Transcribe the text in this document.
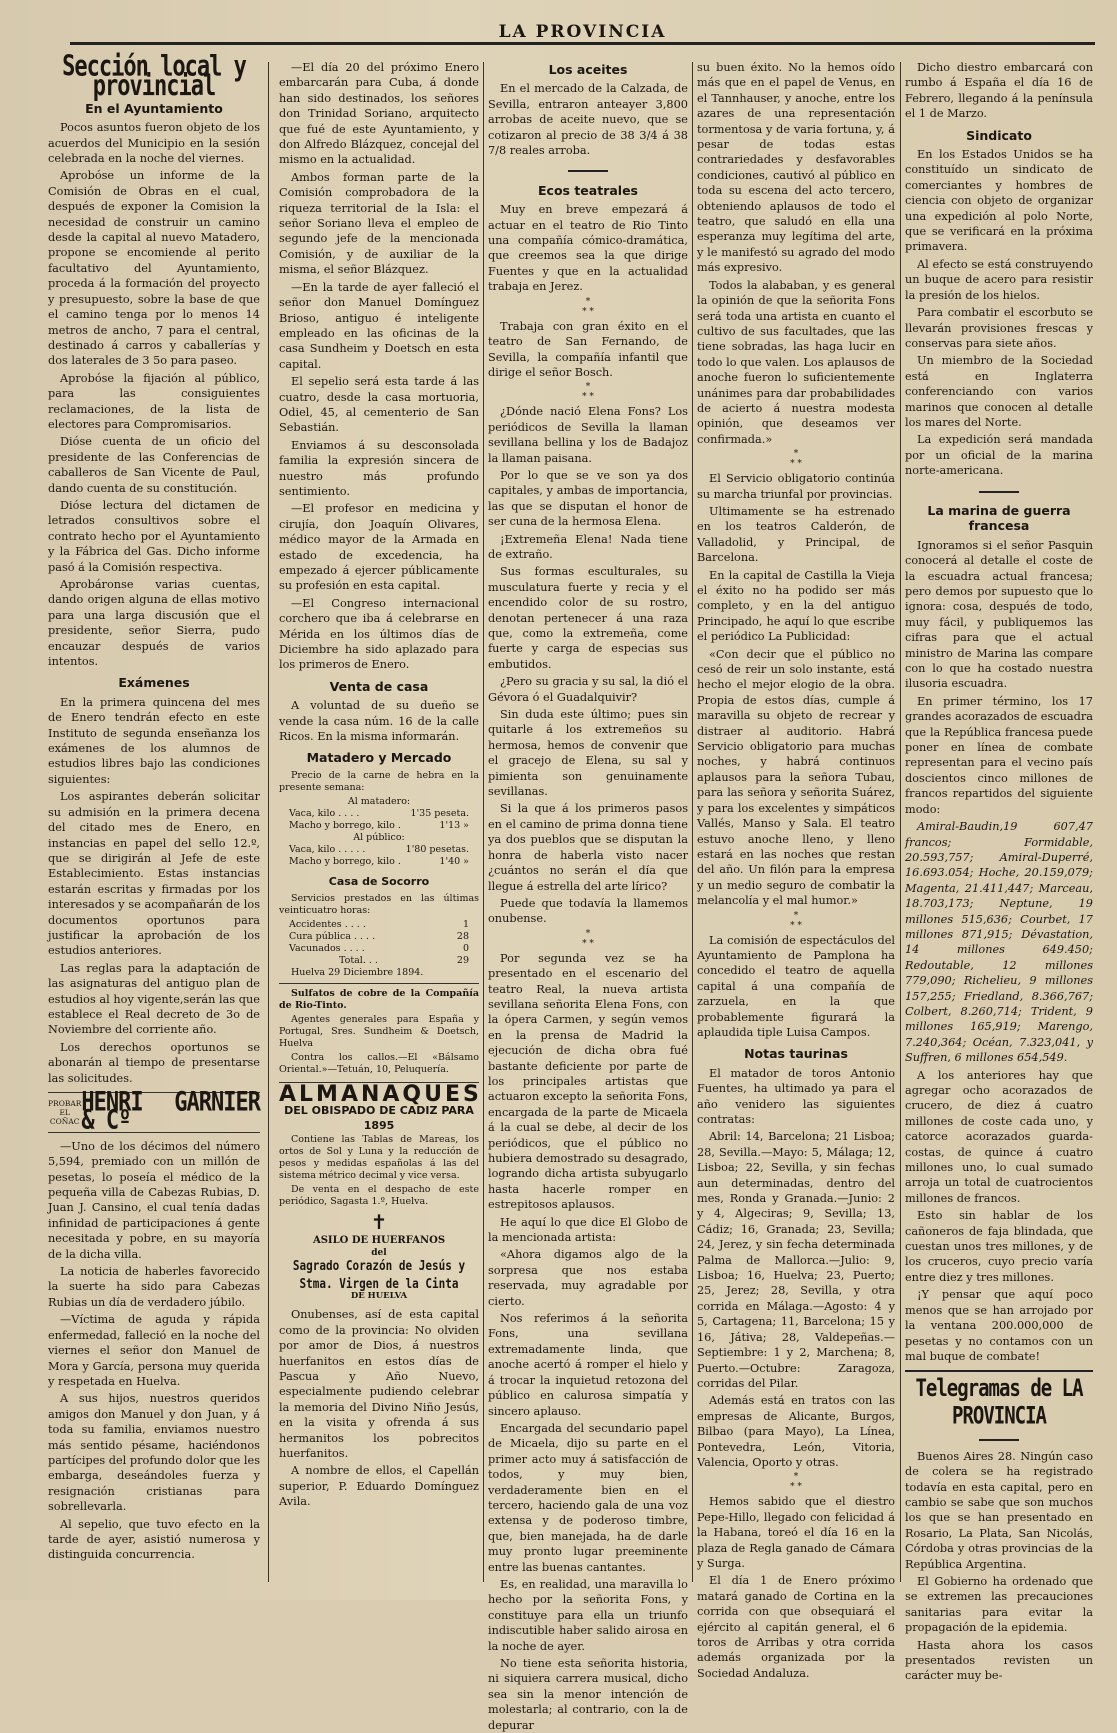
LA PROVINCIA
Sección local y provincial
En el Ayuntamiento

Pocos asuntos fueron objeto de los acuerdos del Municipio en la sesión celebrada en la noche del viernes.

Aprobóse un informe de la Comisión de Obras en el cual, después de exponer la Comision la necesidad de construir un camino desde la capital al nuevo Matadero, propone se encomiende al perito facultativo del Ayuntamiento, proceda á la formación del proyecto y presupuesto, sobre la base de que el camino tenga por lo menos 14 metros de ancho, 7 para el central, destinado á carros y caballerías y dos laterales de 3 5o para paseo.

Aprobóse la fijación al público, para las consiguientes reclamaciones, de la lista de electores para Compromisarios.

Dióse cuenta de un oficio del presidente de las Conferencias de caballeros de San Vicente de Paul, dando cuenta de su constitución.

Dióse lectura del dictamen de letrados consultivos sobre el contrato hecho por el Ayuntamiento y la Fábrica del Gas. Dicho informe pasó á la Comisión respectiva.

Aprobáronse varias cuentas, dando origen alguna de ellas motivo para una larga discusión que el presidente, señor Sierra, pudo encauzar después de varios intentos.

Exámenes

En la primera quincena del mes de Enero tendrán efecto en este Instituto de segunda enseñanza los exámenes de los alumnos de estudios libres bajo las condiciones siguientes:

Los aspirantes deberán solicitar su admisión en la primera decena del citado mes de Enero, en instancias en papel del sello 12.º, que se dirigirán al Jefe de este Establecimiento. Estas instancias estarán escritas y firmadas por los interesados y se acompañarán de los documentos oportunos para justificar la aprobación de los estudios anteriores.

Las reglas para la adaptación de las asignaturas del antiguo plan de estudios al hoy vigente,serán las que establece el Real decreto de 3o de Noviembre del corriente año.

Los derechos oportunos se abonarán al tiempo de presentarse las solicitudes.

PROBAR EL COÑAC
HENRI GARNIER & Cº

—Uno de los décimos del número 5,594, premiado con un millón de pesetas, lo poseía el médico de la pequeña villa de Cabezas Rubias, D. Juan J. Cansino, el cual tenía dadas infinidad de participaciones á gente necesitada y pobre, en su mayoría de la dicha villa.

La noticia de haberles favorecido la suerte ha sido para Cabezas Rubias un día de verdadero júbilo.

—Víctima de aguda y rápida enfermedad, falleció en la noche del viernes el señor don Manuel de Mora y García, persona muy querida y respetada en Huelva.

A sus hijos, nuestros queridos amigos don Manuel y don Juan, y á toda su familia, enviamos nuestro más sentido pésame, haciéndonos partícipes del profundo dolor que les embarga, deseándoles fuerza y resignación cristianas para sobrellevarla.

Al sepelio, que tuvo efecto en la tarde de ayer, asistió numerosa y distinguida concurrencia.

—El día 20 del próximo Enero embarcarán para Cuba, á donde han sido destinados, los señores don Trinidad Soriano, arquitecto que fué de este Ayuntamiento, y don Alfredo Blázquez, concejal del mismo en la actualidad.

Ambos forman parte de la Comisión comprobadora de la riqueza territorial de la Isla: el señor Soriano lleva el empleo de segundo jefe de la mencionada Comisión, y de auxiliar de la misma, el señor Blázquez.

—En la tarde de ayer falleció el señor don Manuel Domínguez Brioso, antiguo é inteligente empleado en las oficinas de la casa Sundheim y Doetsch en esta capital.

El sepelio será esta tarde á las cuatro, desde la casa mortuoria, Odiel, 45, al cementerio de San Sebastián.

Enviamos á su desconsolada familia la expresión sincera de nuestro más profundo sentimiento.

—El profesor en medicina y cirujía, don Joaquín Olivares, médico mayor de la Armada en estado de excedencia, ha empezado á ejercer públicamente su profesión en esta capital.

—El Congreso internacional corchero que iba á celebrarse en Mérida en los últimos días de Diciembre ha sido aplazado para los primeros de Enero.

Venta de casa

A voluntad de su dueño se vende la casa núm. 16 de la calle Ricos. En la misma informarán.

Matadero y Mercado

Precio de la carne de hebra en la presente semana:

Al matadero:
Vaca, kilo . . . .	1'35 peseta.
Macho y borrego, kilo .	1'13 »
Al público:
Vaca, kilo . . . . .	1'80 pesetas.
Macho y borrego, kilo .	1'40 »
Casa de Socorro

Servicios prestados en las últimas veinticuatro horas:

Accidentes . . . .	1
Cura pública . . . .	28
Vacunados . . . .	0
Total. . .	29

Huelva 29 Diciembre 1894.

Sulfatos de cobre de la Compañía de Rio-Tinto.

Agentes generales para España y Portugal, Sres. Sundheim & Doetsch, Huelva

Contra los callos.—El «Bálsamo Oriental.»—Tetuán, 10, Peluquería.

ALMANAQUES
DEL OBISPADO DE CADIZ PARA 1895

Contiene las Tablas de Mareas, los ortos de Sol y Luna y la reducción de pesos y medidas españolas á las del sistema métrico decimal y vice versa.

De venta en el despacho de este periódico, Sagasta 1.º, Huelva.

✝
ASILO DE HUERFANOS
del
Sagrado Corazón de Jesús y Stma. Virgen de la Cinta
DE HUELVA

Onubenses, así de esta capital como de la provincia: No olviden por amor de Dios, á nuestros huerfanitos en estos días de Pascua y Año Nuevo, especialmente pudiendo celebrar la memoria del Divino Niño Jesús, en la visita y ofrenda á sus hermanitos los pobrecitos huerfanitos.

A nombre de ellos, el Capellán superior, P. Eduardo Domínguez Avila.

Los aceites

En el mercado de la Calzada, de Sevilla, entraron anteayer 3,800 arrobas de aceite nuevo, que se cotizaron al precio de 38 3/4 á 38 7/8 reales arroba.

Ecos teatrales

Muy en breve empezará á actuar en el teatro de Rio Tinto una compañía cómico-dramática, que creemos sea la que dirige Fuentes y que en la actualidad trabaja en Jerez.

*
* *

Trabaja con gran éxito en el teatro de San Fernando, de Sevilla, la compañía infantil que dirige el señor Bosch.

*
* *

¿Dónde nació Elena Fons? Los periódicos de Sevilla la llaman sevillana bellina y los de Badajoz la llaman paisana.

Por lo que se ve son ya dos capitales, y ambas de importancia, las que se disputan el honor de ser cuna de la hermosa Elena.

¡Extremeña Elena! Nada tiene de extraño.

Sus formas esculturales, su musculatura fuerte y recia y el encendido color de su rostro, denotan pertenecer á una raza que, como la extremeña, come fuerte y carga de especias sus embutidos.

¿Pero su gracia y su sal, la dió el Gévora ó el Guadalquivir?

Sin duda este último; pues sin quitarle á los extremeños su hermosa, hemos de convenir que el gracejo de Elena, su sal y pimienta son genuinamente sevillanas.

Si la que á los primeros pasos en el camino de prima donna tiene ya dos pueblos que se disputan la honra de haberla visto nacer ¿cuántos no serán el día que llegue á estrella del arte lírico?

Puede que todavía la llamemos onubense.

*
* *

Por segunda vez se ha presentado en el escenario del teatro Real, la nueva artista sevillana señorita Elena Fons, con la ópera Carmen, y según vemos en la prensa de Madrid la ejecución de dicha obra fué bastante deficiente por parte de los principales artistas que actuaron excepto la señorita Fons, encargada de la parte de Micaela á la cual se debe, al decir de los periódicos, que el público no hubiera demostrado su desagrado, logrando dicha artista subyugarlo hasta hacerle romper en estrepitosos aplausos.

He aquí lo que dice El Globo de la mencionada artista:

«Ahora digamos algo de la sorpresa que nos estaba reservada, muy agradable por cierto.

Nos referimos á la señorita Fons, una sevillana extremadamente linda, que anoche acertó á romper el hielo y á trocar la inquietud retozona del público en calurosa simpatía y sincero aplauso.

Encargada del secundario papel de Micaela, dijo su parte en el primer acto muy á satisfacción de todos, y muy bien, verdaderamente bien en el tercero, haciendo gala de una voz extensa y de poderoso timbre, que, bien manejada, ha de darle muy pronto lugar preeminente entre las buenas cantantes.

Es, en realidad, una maravilla lo hecho por la señorita Fons, y constituye para ella un triunfo indiscutible haber salido airosa en la noche de ayer.

No tiene esta señorita historia, ni siquiera carrera musical, dicho sea sin la menor intención de molestarla; al contrario, con la de depurar

su buen éxito. No la hemos oído más que en el papel de Venus, en el Tannhauser, y anoche, entre los azares de una representación tormentosa y de varia fortuna, y, á pesar de todas estas contrariedades y desfavorables condiciones, cautivó al público en toda su escena del acto tercero, obteniendo aplausos de todo el teatro, que saludó en ella una esperanza muy legítima del arte, y le manifestó su agrado del modo más expresivo.

Todos la alababan, y es general la opinión de que la señorita Fons será toda una artista en cuanto el cultivo de sus facultades, que las tiene sobradas, las haga lucir en todo lo que valen. Los aplausos de anoche fueron lo suficientemente unánimes para dar probabilidades de acierto á nuestra modesta opinión, que deseamos ver confirmada.»

*
* *

El Servicio obligatorio continúa su marcha triunfal por provincias.

Ultimamente se ha estrenado en los teatros Calderón, de Valladolid, y Principal, de Barcelona.

En la capital de Castilla la Vieja el éxito no ha podido ser más completo, y en la del antiguo Principado, he aquí lo que escribe el periódico La Publicidad:

«Con decir que el público no cesó de reir un solo instante, está hecho el mejor elogio de la obra. Propia de estos días, cumple á maravilla su objeto de recrear y distraer al auditorio. Habrá Servicio obligatorio para muchas noches, y habrá continuos aplausos para la señora Tubau, para las señora y señorita Suárez, y para los excelentes y simpáticos Vallés, Manso y Sala. El teatro estuvo anoche lleno, y lleno estará en las noches que restan del año. Un filón para la empresa y un medio seguro de combatir la melancolía y el mal humor.»

*
* *

La comisión de espectáculos del Ayuntamiento de Pamplona ha concedido el teatro de aquella capital á una compañía de zarzuela, en la que probablemente figurará la aplaudida tiple Luisa Campos.

Notas taurinas

El matador de toros Antonio Fuentes, ha ultimado ya para el año venidero las siguientes contratas:

Abril: 14, Barcelona; 21 Lisboa; 28, Sevilla.—Mayo: 5, Málaga; 12, Lisboa; 22, Sevilla, y sin fechas aun determinadas, dentro del mes, Ronda y Granada.—Junio: 2 y 4, Algeciras; 9, Sevilla; 13, Cádiz; 16, Granada; 23, Sevilla; 24, Jerez, y sin fecha determinada Palma de Mallorca.—Julio: 9, Lisboa; 16, Huelva; 23, Puerto; 25, Jerez; 28, Sevilla, y otra corrida en Málaga.—Agosto: 4 y 5, Cartagena; 11, Barcelona; 15 y 16, Játiva; 28, Valdepeñas.—Septiembre: 1 y 2, Marchena; 8, Puerto.—Octubre: Zaragoza, corridas del Pilar.

Además está en tratos con las empresas de Alicante, Burgos, Bilbao (para Mayo), La Línea, Pontevedra, León, Vitoria, Valencia, Oporto y otras.

*
* *

Hemos sabido que el diestro Pepe-Hillo, llegado con felicidad á la Habana, toreó el día 16 en la plaza de Regla ganado de Cámara y Surga.

El día 1 de Enero próximo matará ganado de Cortina en la corrida con que obsequiará el ejército al capitán general, el 6 toros de Arribas y otra corrida además organizada por la Sociedad Andaluza.

Dicho diestro embarcará con rumbo á España el día 16 de Febrero, llegando á la península el 1 de Marzo.

Sindicato

En los Estados Unidos se ha constituído un sindicato de comerciantes y hombres de ciencia con objeto de organizar una expedición al polo Norte, que se verificará en la próxima primavera.

Al efecto se está construyendo un buque de acero para resistir la presión de los hielos.

Para combatir el escorbuto se llevarán provisiones frescas y conservas para siete años.

Un miembro de la Sociedad está en Inglaterra conferenciando con varios marinos que conocen al detalle los mares del Norte.

La expedición será mandada por un oficial de la marina norte-americana.

La marina de guerra francesa

Ignoramos si el señor Pasquin conocerá al detalle el coste de la escuadra actual francesa; pero demos por supuesto que lo ignora: cosa, después de todo, muy fácil, y publiquemos las cifras para que el actual ministro de Marina las compare con lo que ha costado nuestra ilusoria escuadra.

En primer término, los 17 grandes acorazados de escuadra que la República francesa puede poner en línea de combate representan para el vecino país doscientos cinco millones de francos repartidos del siguiente modo:

Amiral-Baudin,19 607,47 francos; Formidable, 20.593,757; Amiral-Duperré, 16.693.054; Hoche, 20.159,079; Magenta, 21.411,447; Marceau, 18.703,173; Neptune, 19 millones 515,636; Courbet, 17 millones 871,915; Dévastation, 14 millones 649.450; Redoutable, 12 millones 779,090; Richelieu, 9 millones 157,255; Friedland, 8.366,767; Colbert, 8.260,714; Trident, 9 millones 165,919; Marengo, 7.240,364; Océan, 7.323,041, y Suffren, 6 millones 654,549.

A los anteriores hay que agregar ocho acorazados de crucero, de diez á cuatro millones de coste cada uno, y catorce acorazados guarda-costas, de quince á cuatro millones uno, lo cual sumado arroja un total de cuatrocientos millones de francos.

Esto sin hablar de los cañoneros de faja blindada, que cuestan unos tres millones, y de los cruceros, cuyo precio varía entre diez y tres millones.

¡Y pensar que aquí poco menos que se han arrojado por la ventana 200.000,000 de pesetas y no contamos con un mal buque de combate!

Telegramas de LA PROVINCIA

Buenos Aires 28. Ningún caso de colera se ha registrado todavía en esta capital, pero en cambio se sabe que son muchos los que se han presentado en Rosario, La Plata, San Nicolás, Córdoba y otras provincias de la República Argentina.

El Gobierno ha ordenado que se extremen las precauciones sanitarias para evitar la propagación de la epidemia.

Hasta ahora los casos presentados revisten un carácter muy be-
